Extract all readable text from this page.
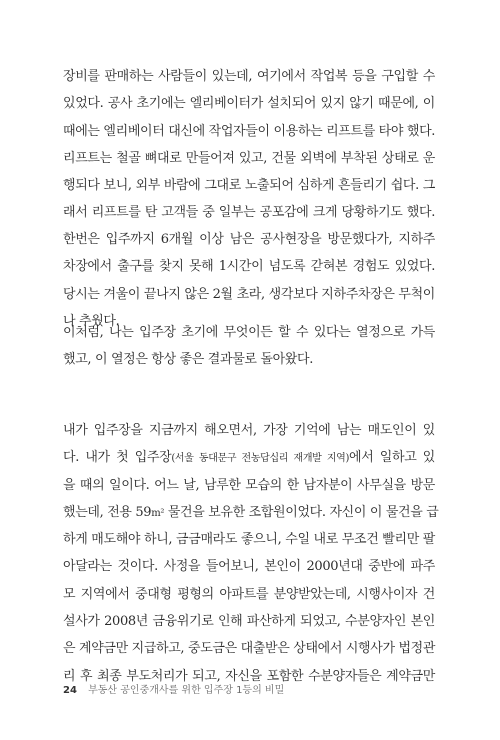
장비를 판매하는 사람들이 있는데, 여기에서 작업복 등을 구입할 수
있었다. 공사 초기에는 엘리베이터가 설치되어 있지 않기 때문에, 이
때에는 엘리베이터 대신에 작업자들이 이용하는 리프트를 타야 했다.
리프트는 철골 뼈대로 만들어져 있고, 건물 외벽에 부착된 상태로 운
행되다 보니, 외부 바람에 그대로 노출되어 심하게 흔들리기 쉽다. 그
래서 리프트를 탄 고객들 중 일부는 공포감에 크게 당황하기도 했다.
한번은 입주까지 6개월 이상 남은 공사현장을 방문했다가, 지하주
차장에서 출구를 찾지 못해 1시간이 넘도록 갇혀본 경험도 있었다.
당시는 겨울이 끝나지 않은 2월 초라, 생각보다 지하주차장은 무척이
나 추웠다.
이처럼, 나는 입주장 초기에 무엇이든 할 수 있다는 열정으로 가득
했고, 이 열정은 항상 좋은 결과물로 돌아왔다.
내가 입주장을 지금까지 해오면서, 가장 기억에 남는 매도인이 있
다. 내가 첫 입주장(서울 동대문구 전농답십리 재개발 지역)에서 일하고 있
을 때의 일이다. 어느 날, 남루한 모습의 한 남자분이 사무실을 방문
했는데, 전용 59m² 물건을 보유한 조합원이었다. 자신이 이 물건을 급
하게 매도해야 하니, 금금매라도 좋으니, 수일 내로 무조건 빨리만 팔
아달라는 것이다. 사정을 들어보니, 본인이 2000년대 중반에 파주
모 지역에서 중대형 평형의 아파트를 분양받았는데, 시행사이자 건
설사가 2008년 금융위기로 인해 파산하게 되었고, 수분양자인 본인
은 계약금만 지급하고, 중도금은 대출받은 상태에서 시행사가 법정관
리 후 최종 부도처리가 되고, 자신을 포함한 수분양자들은 계약금만
24 부동산 공인중개사를 위한 입주장 1등의 비밀
